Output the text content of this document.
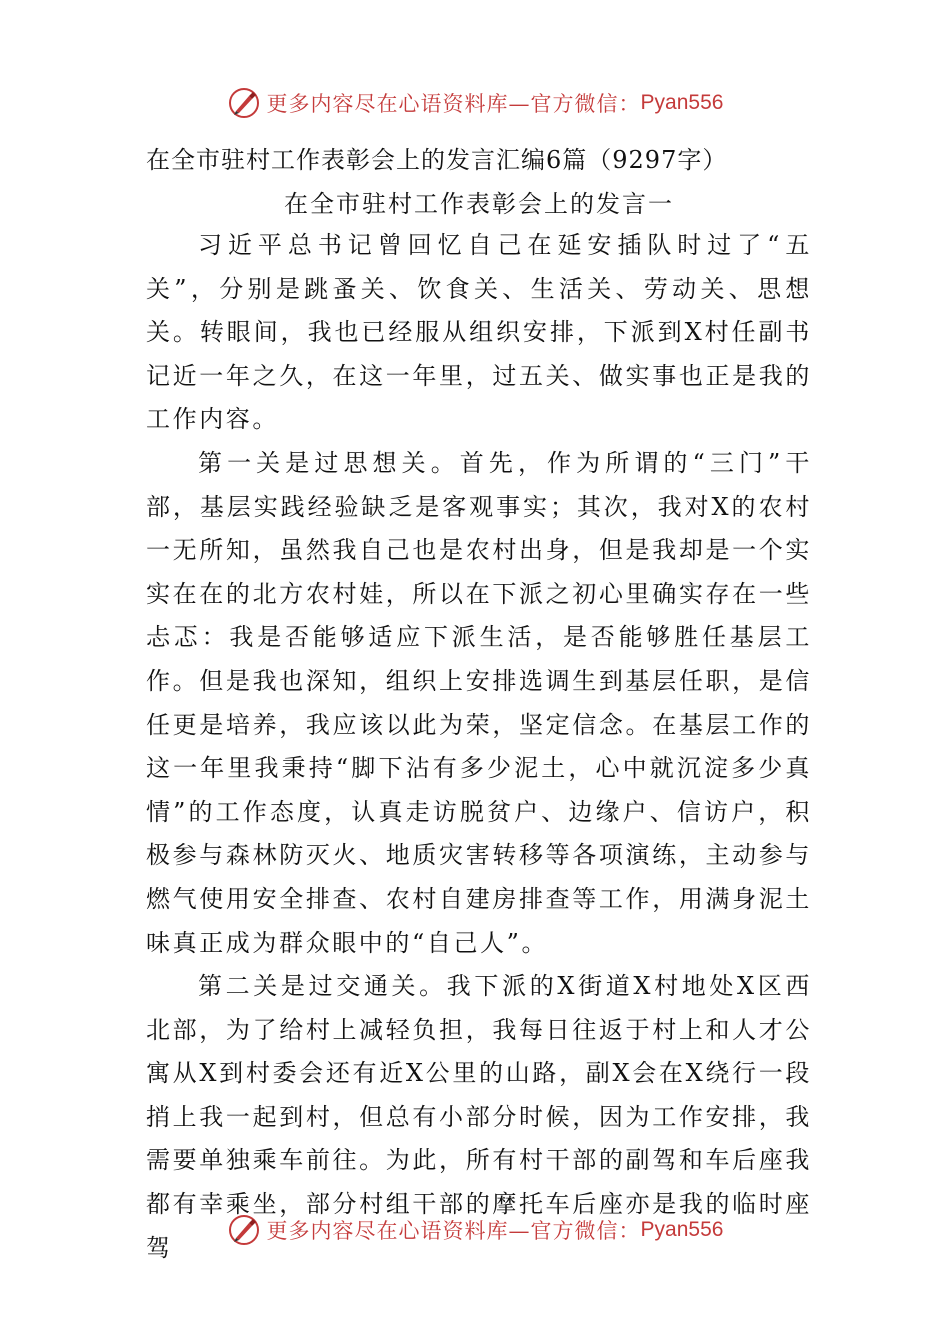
更多内容尽在心语资料库—官方微信： Pyan556
在全市驻村工作表彰会上的发言汇编6篇（9297字）
在全市驻村工作表彰会上的发言一

习近平总书记曾回忆自己在延安插队时过了“五关”，分别是跳蚤关、饮食关、生活关、劳动关、思想关。转眼间，我也已经服从组织安排，下派到X村任副书记近一年之久，在这一年里，过五关、做实事也正是我的工作内容。

第一关是过思想关。首先，作为所谓的“三门”干部，基层实践经验缺乏是客观事实；其次，我对X的农村一无所知，虽然我自己也是农村出身，但是我却是一个实实在在的北方农村娃，所以在下派之初心里确实存在一些忐忑：我是否能够适应下派生活，是否能够胜任基层工作。但是我也深知，组织上安排选调生到基层任职，是信任更是培养，我应该以此为荣，坚定信念。在基层工作的这一年里我秉持“脚下沾有多少泥土，心中就沉淀多少真情”的工作态度，认真走访脱贫户、边缘户、信访户，积极参与森林防灭火、地质灾害转移等各项演练，主动参与燃气使用安全排查、农村自建房排查等工作，用满身泥土味真正成为群众眼中的“自己人”。

第二关是过交通关。我下派的X街道X村地处X区西北部，为了给村上减轻负担，我每日往返于村上和人才公寓从X到村委会还有近X公里的山路，副X会在X绕行一段捎上我一起到村，但总有小部分时候，因为工作安排，我需要单独乘车前往。为此，所有村干部的副驾和车后座我都有幸乘坐，部分村组干部的摩托车后座亦是我的临时座驾

更多内容尽在心语资料库—官方微信： Pyan556
